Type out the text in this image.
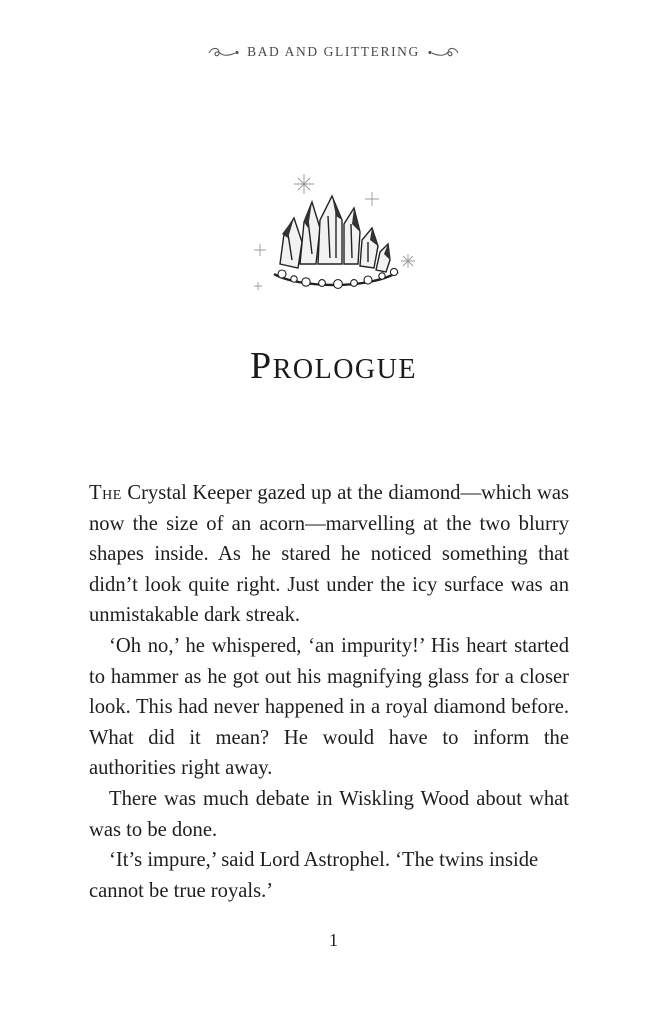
BAD AND GLITTERING
PROLOGUE

The Crystal Keeper gazed up at the diamond—which was now the size of an acorn—marvelling at the two blurry shapes inside. As he stared he noticed something that didn’t look quite right. Just under the icy surface was an unmistakable dark streak.

‘Oh no,’ he whispered, ‘an impurity!’ His heart started to hammer as he got out his magnifying glass for a closer look. This had never happened in a royal diamond before. What did it mean? He would have to inform the authorities right away.

There was much debate in Wiskling Wood about what was to be done.

‘It’s impure,’ said Lord Astrophel. ‘The twins inside cannot be true royals.’

1
